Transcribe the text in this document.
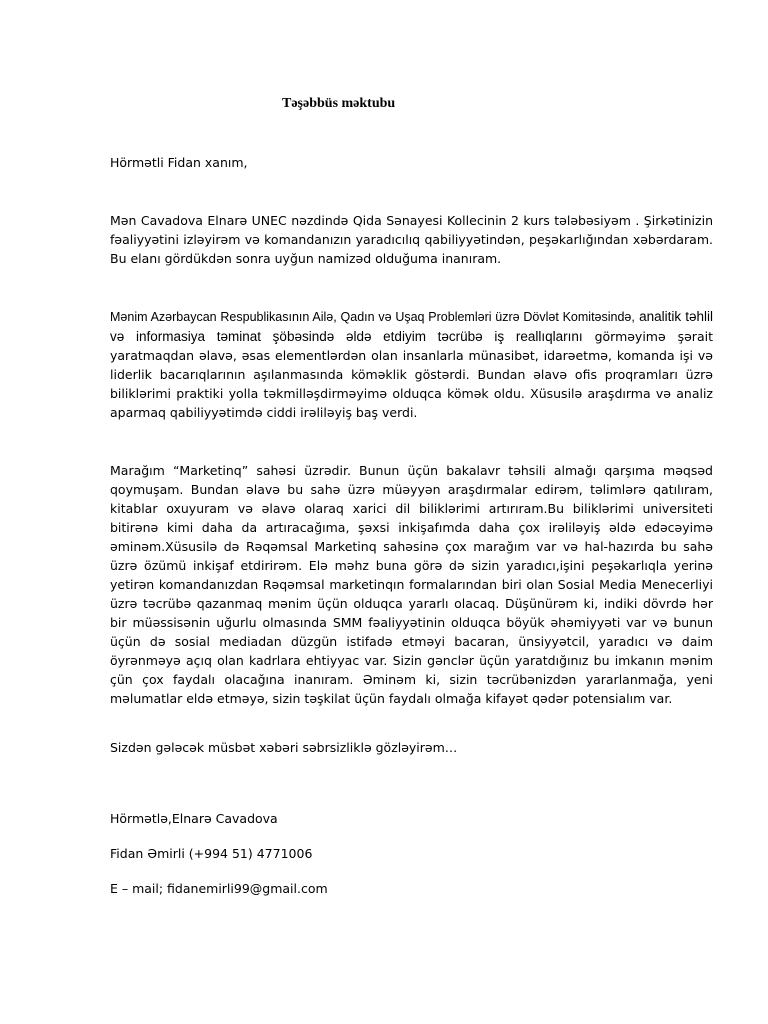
Təşəbbüs məktubu
Hörmətli Fidan xanım,
Mən Cavadova Elnarə UNEC nəzdində Qida Sənayesi Kollecinin 2 kurs tələbəsiyəm . Şirkətinizin fəaliyyətini izləyirəm və komandanızın yaradıcılıq qabiliyyətindən, peşəkarlığından xəbərdaram. Bu elanı gördükdən sonra uyğun namizəd olduğuma inanıram.
Mənim Azərbaycan Respublikasının Ailə, Qadın və Uşaq Problemləri üzrə Dövlət Komitəsində, analitik təhlil və informasiya təminat şöbəsində əldə etdiyim təcrübə iş reallıqlarını görməyimə şərait yaratmaqdan əlavə, əsas elementlərdən olan insanlarla münasibət, idarəetmə, komanda işi və liderlik bacarıqlarının aşılanmasında köməklik göstərdi. Bundan əlavə ofis proqramları üzrə biliklərimi praktiki yolla təkmilləşdirməyimə olduqca kömək oldu. Xüsusilə araşdırma və analiz aparmaq qabiliyyətimdə ciddi irəliləyiş baş verdi.
Marağım “Marketinq” sahəsi üzrədir. Bunun üçün bakalavr təhsili almağı qarşıma məqsəd qoymuşam. Bundan əlavə bu sahə üzrə müəyyən araşdırmalar edirəm, təlimlərə qatılıram, kitablar oxuyuram və əlavə olaraq xarici dil biliklərimi artırıram.Bu biliklərimi universiteti bitirənə kimi daha da artıracağıma, şəxsi inkişafımda daha çox irəliləyiş əldə edəcəyimə əminəm.Xüsusilə də Rəqəmsal Marketinq sahəsinə çox marağım var və hal-hazırda bu sahə üzrə özümü inkişaf etdirirəm. Elə məhz buna görə də sizin yaradıcı,işini peşəkarlıqla yerinə yetirən komandanızdan Rəqəmsal marketinqın formalarından biri olan Sosial Media Menecerliyi üzrə təcrübə qazanmaq mənim üçün olduqca yararlı olacaq. Düşünürəm ki, indiki dövrdə hər bir müəssisənin uğurlu olmasında SMM fəaliyyətinin olduqca böyük əhəmiyyəti var və bunun üçün də sosial mediadan düzgün istifadə etməyi bacaran, ünsiyyətcil, yaradıcı və daim öyrənməyə açıq olan kadrlara ehtiyyac var. Sizin gənclər üçün yaratdığınız bu imkanın mənim çün çox faydalı olacağına inanıram. Əminəm ki, sizin təcrübənizdən yararlanmağa, yeni məlumatlar eldə etməyə, sizin təşkilat üçün faydalı olmağa kifayət qədər potensialım var.
Sizdən gələcək müsbət xəbəri səbrsizliklə gözləyirəm…
Hörmətlə,Elnarə Cavadova
Fidan Əmirli (+994 51) 4771006
E – mail; fidanemirli99@gmail.com
